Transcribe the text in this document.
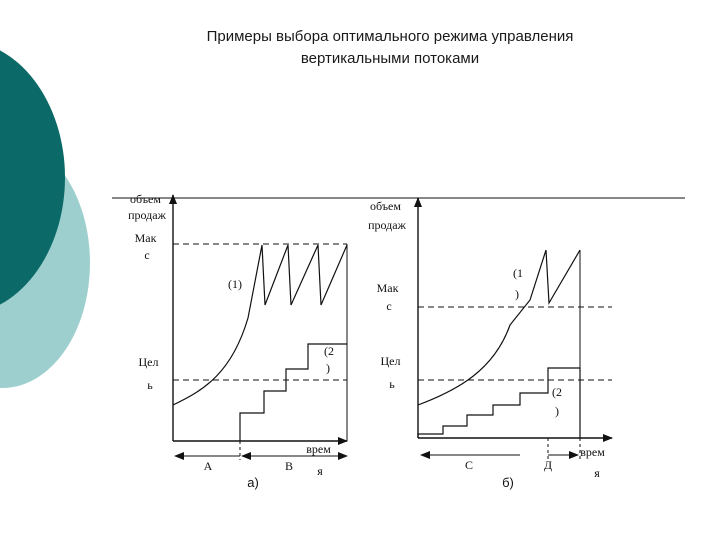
Примеры выбора оптимального режима управления
вертикальными потоками
объем продаж
Мак с
Цел ь
(1)
(2 )
врем я
A	B
а)
объем продаж
Мак с
Цел ь
(1 )
(2 )
врем я
C	Д
б)
